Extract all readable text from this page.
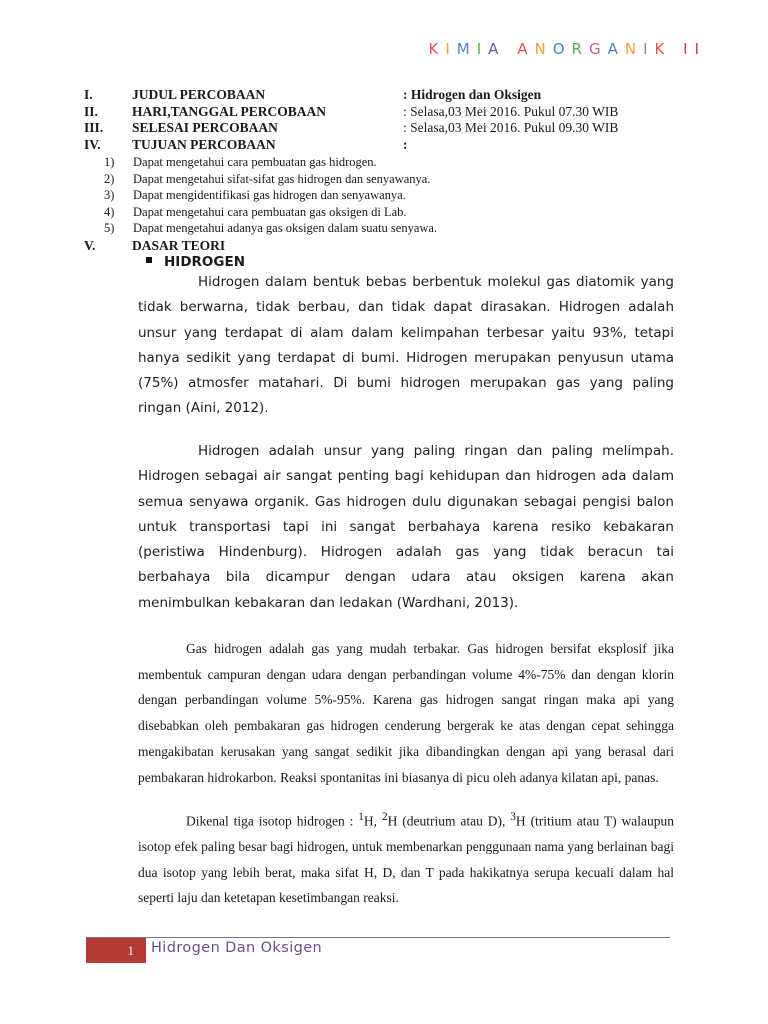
KIMIA ANORGANIK II
I.	JUDUL PERCOBAAN	: Hidrogen dan Oksigen
II.	HARI,TANGGAL PERCOBAAN	: Selasa,03 Mei 2016. Pukul 07.30 WIB
III. SELESAI PERCOBAAN	: Selasa,03 Mei 2016. Pukul 09.30 WIB
IV. TUJUAN PERCOBAAN	:
1) Dapat mengetahui cara pembuatan gas hidrogen.
2) Dapat mengetahui sifat-sifat gas hidrogen dan senyawanya.
3) Dapat mengidentifikasi gas hidrogen dan senyawanya.
4) Dapat mengetahui cara pembuatan gas oksigen di Lab.
5) Dapat mengetahui adanya gas oksigen dalam suatu senyawa.
V.	DASAR TEORI
HIDROGEN

Hidrogen dalam bentuk bebas berbentuk molekul gas diatomik yang tidak berwarna, tidak berbau, dan tidak dapat dirasakan. Hidrogen adalah unsur yang terdapat di alam dalam kelimpahan terbesar yaitu 93%, tetapi hanya sedikit yang terdapat di bumi. Hidrogen merupakan penyusun utama (75%) atmosfer matahari. Di bumi hidrogen merupakan gas yang paling ringan (Aini, 2012).

Hidrogen adalah unsur yang paling ringan dan paling melimpah. Hidrogen sebagai air sangat penting bagi kehidupan dan hidrogen ada dalam semua senyawa organik. Gas hidrogen dulu digunakan sebagai pengisi balon untuk transportasi tapi ini sangat berbahaya karena resiko kebakaran (peristiwa Hindenburg). Hidrogen adalah gas yang tidak beracun tai berbahaya bila dicampur dengan udara atau oksigen karena akan menimbulkan kebakaran dan ledakan (Wardhani, 2013).

Gas hidrogen adalah gas yang mudah terbakar. Gas hidrogen bersifat eksplosif jika membentuk campuran dengan udara dengan perbandingan volume 4%-75% dan dengan klorin dengan perbandingan volume 5%-95%. Karena gas hidrogen sangat ringan maka api yang disebabkan oleh pembakaran gas hidrogen cenderung bergerak ke atas dengan cepat sehingga mengakibatan kerusakan yang sangat sedikit jika dibandingkan dengan api yang berasal dari pembakaran hidrokarbon. Reaksi spontanitas ini biasanya di picu oleh adanya kilatan api, panas.

Dikenal tiga isotop hidrogen : $^1$H, $^2$H (deutrium atau D), $^3$H (tritium atau T) walaupun isotop efek paling besar bagi hidrogen, untuk membenarkan penggunaan nama yang berlainan bagi dua isotop yang lebih berat, maka sifat H, D, dan T pada hakikatnya serupa kecuali dalam hal seperti laju dan ketetapan kesetimbangan reaksi.

1	Hidrogen Dan Oksigen
